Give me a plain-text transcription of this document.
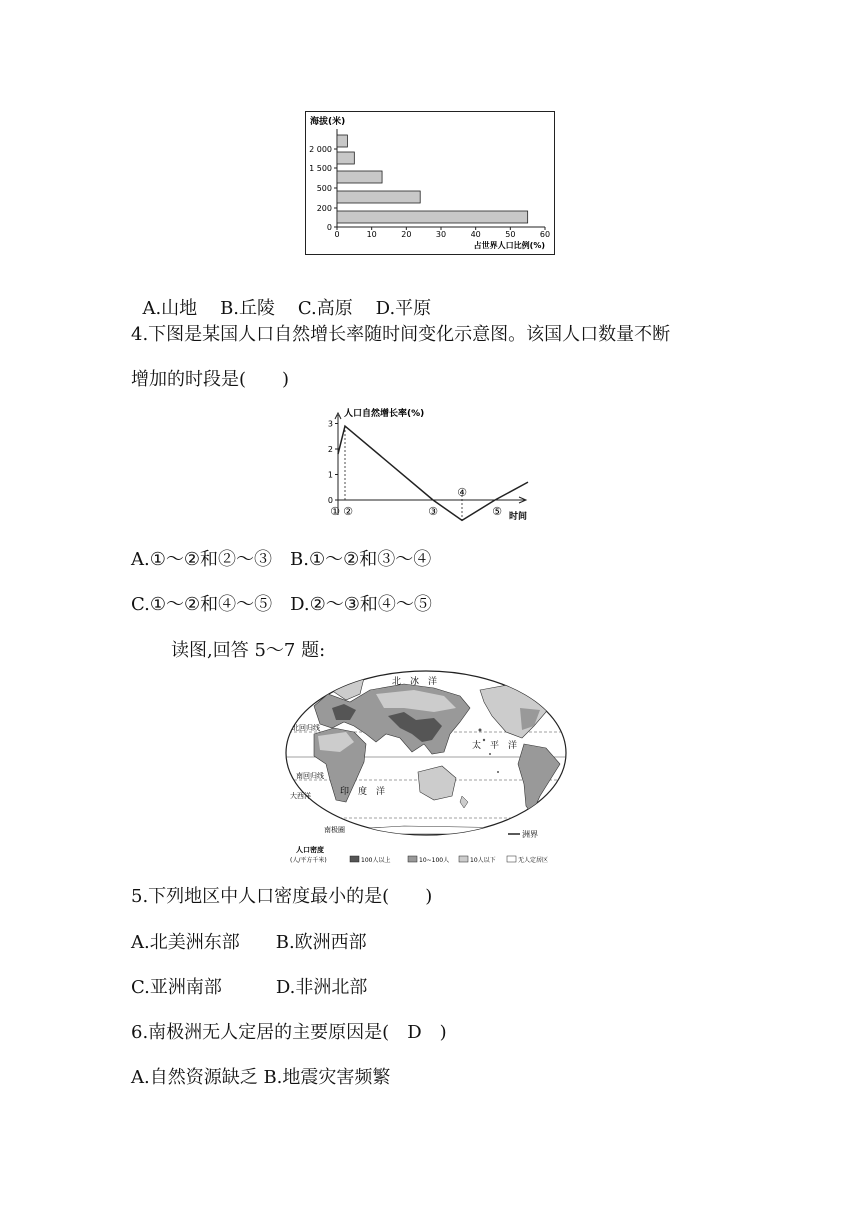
海拔(米)
0
200
500
1 500
2 000
0	10	20	30	40	50	60
占世界人口比例(%)

A.山地 B.丘陵 C.高原 D.平原

4.下图是某国人口自然增长率随时间变化示意图。该国人口数量不断
增加的时段是(　　)
人口自然增长率(%)
时间
0
1
2
3
① ②	③
④
⑤
A.①～②和②～③　B.①～②和③～④
C.①～②和④～⑤　D.②～③和④～⑤
读图,回答 5～7 题:
北　冰　洋
太　平　洋
印　度　洋
大西洋
北回归线
南回归线
南极圈	洲界
人口密度
(人/平方千米)	100人以上	10~100人	10人以下	无人定居区
5.下列地区中人口密度最小的是(　　)
A.北美洲东部　　B.欧洲西部
C.亚洲南部　　　D.非洲北部
6.南极洲无人定居的主要原因是(　D　)
A.自然资源缺乏 B.地震灾害频繁
